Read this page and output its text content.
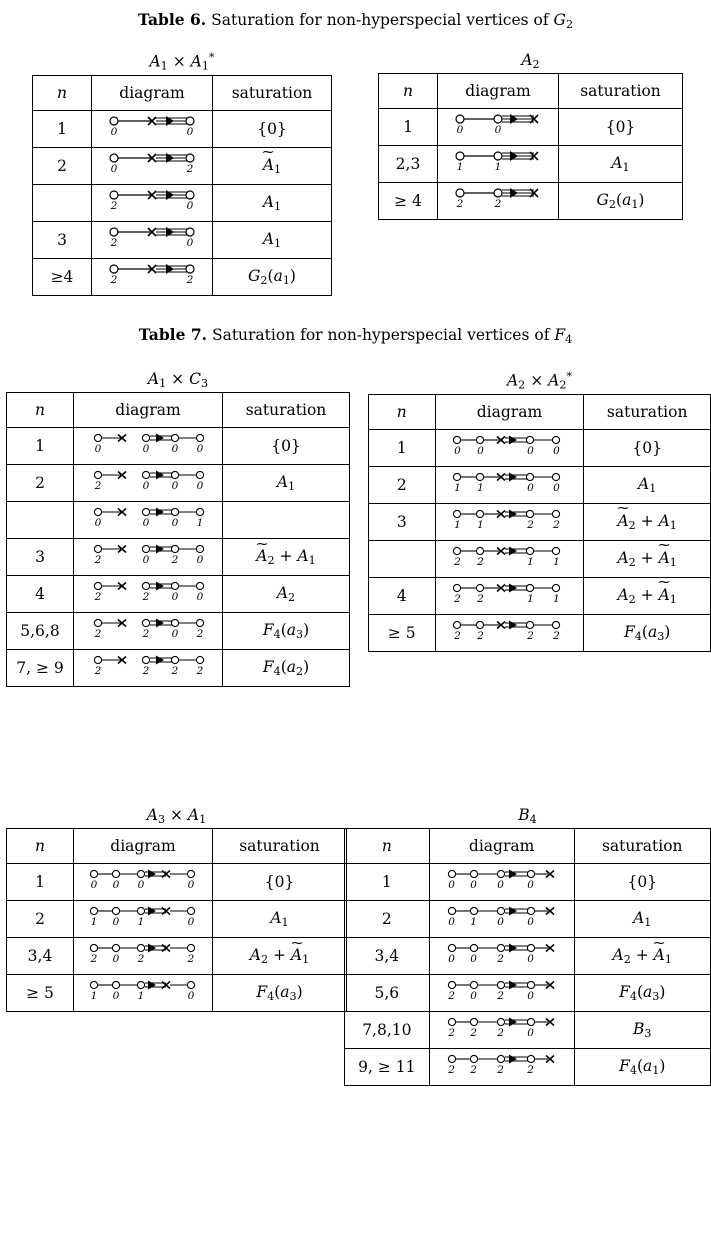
Table 6. Saturation for non-hyperspecial vertices of $G_2$
$A_1 \times A_1^*$
n	diagram	saturation
1	0 0	{0}
2	0 2	~ $A_1$

	2 0	$A_1$
3	2 0	$A_1$
≥4	2 2	$G_2(a_1)$
$A_2$
n	diagram	saturation
1	0 0	{0}
2,3	1 1	$A_1$
≥ 4	2 2	$G_2(a_1)$
Table 7. Saturation for non-hyperspecial vertices of $F_4$
$A_1 \times C_3$
n	diagram	saturation
1	0 0 0 0	{0}
2	2 0 0 0	$A_1$

	0 0 0 1	

3	2 0 2 0	~ $A_2 + A_1$
4	2 2 0 0	$A_2$
5,6,8	2 2 0 2	$F_4(a_3)$
7, ≥ 9	2 2 2 2	$F_4(a_2)$
$A_2 \times A_2^*$
n	diagram	saturation
1	0 0 0 0	{0}
2	1 1 0 0	$A_1$
3	1 1 2 2	~ $A_2 + A_1$

	2 2 1 1	$A_2$ + ~ $A_1$
4	2 2 1 1	$A_2$ + ~ $A_1$
≥ 5	2 2 2 2	$F_4(a_3)$
$A_3 \times A_1$
n	diagram	saturation
1	0 0 0 0	{0}
2	1 0 1 0	$A_1$
3,4	2 0 2 2	$A_2$ + ~ $A_1$
≥ 5	1 0 1 0	$F_4(a_3)$
$B_4$
n	diagram	saturation
1	0 0 0 0	{0}
2	0 1 0 0	$A_1$
3,4	0 0 2 0	$A_2$ + ~ $A_1$
5,6	2 0 2 0	$F_4(a_3)$
7,8,10	2 2 2 0	$B_3$
9, ≥ 11	2 2 2 2	$F_4(a_1)$
